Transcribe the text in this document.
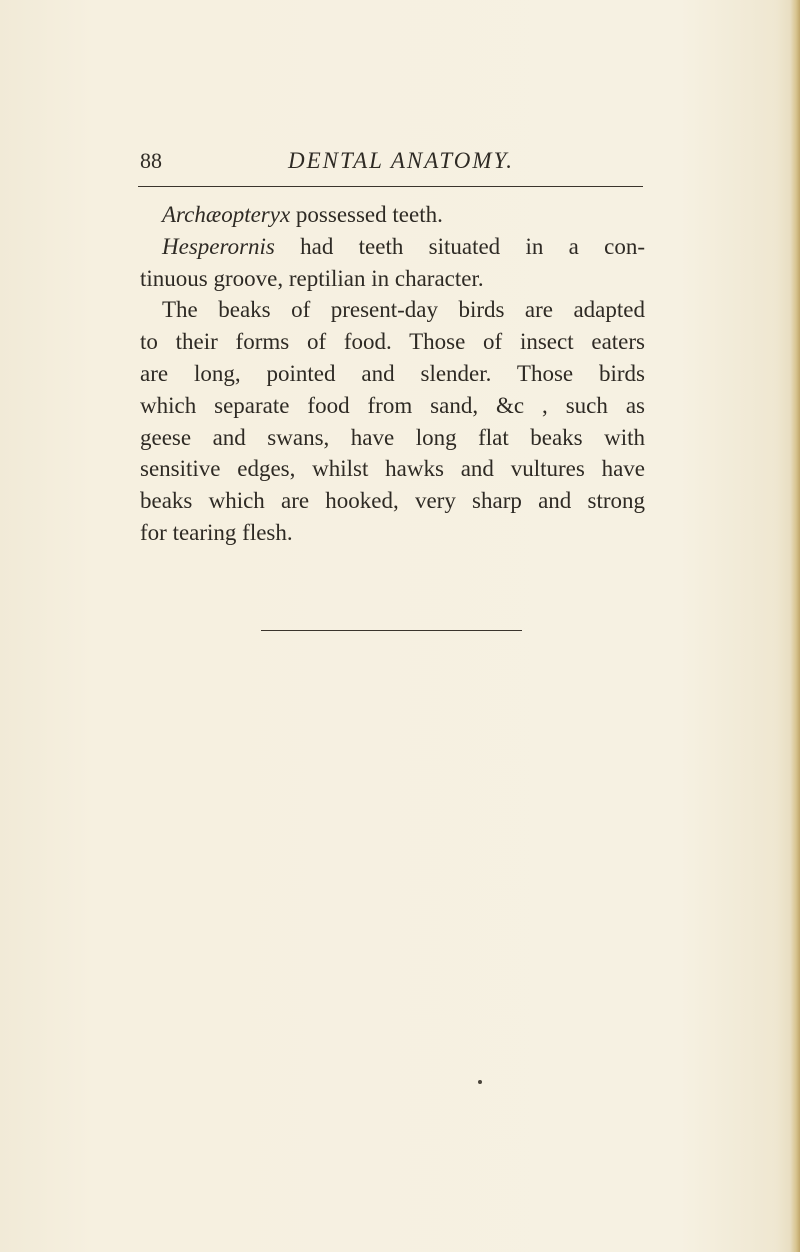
88	DENTAL ANATOMY.
Archæopteryx possessed teeth.
Hesperornis had teeth situated in a con-
tinuous groove, reptilian in character.
The beaks of present-day birds are adapted
to their forms of food. Those of insect eaters
are long, pointed and slender. Those birds
which separate food from sand, &c , such as
geese and swans, have long flat beaks with
sensitive edges, whilst hawks and vultures have
beaks which are hooked, very sharp and strong
for tearing flesh.
